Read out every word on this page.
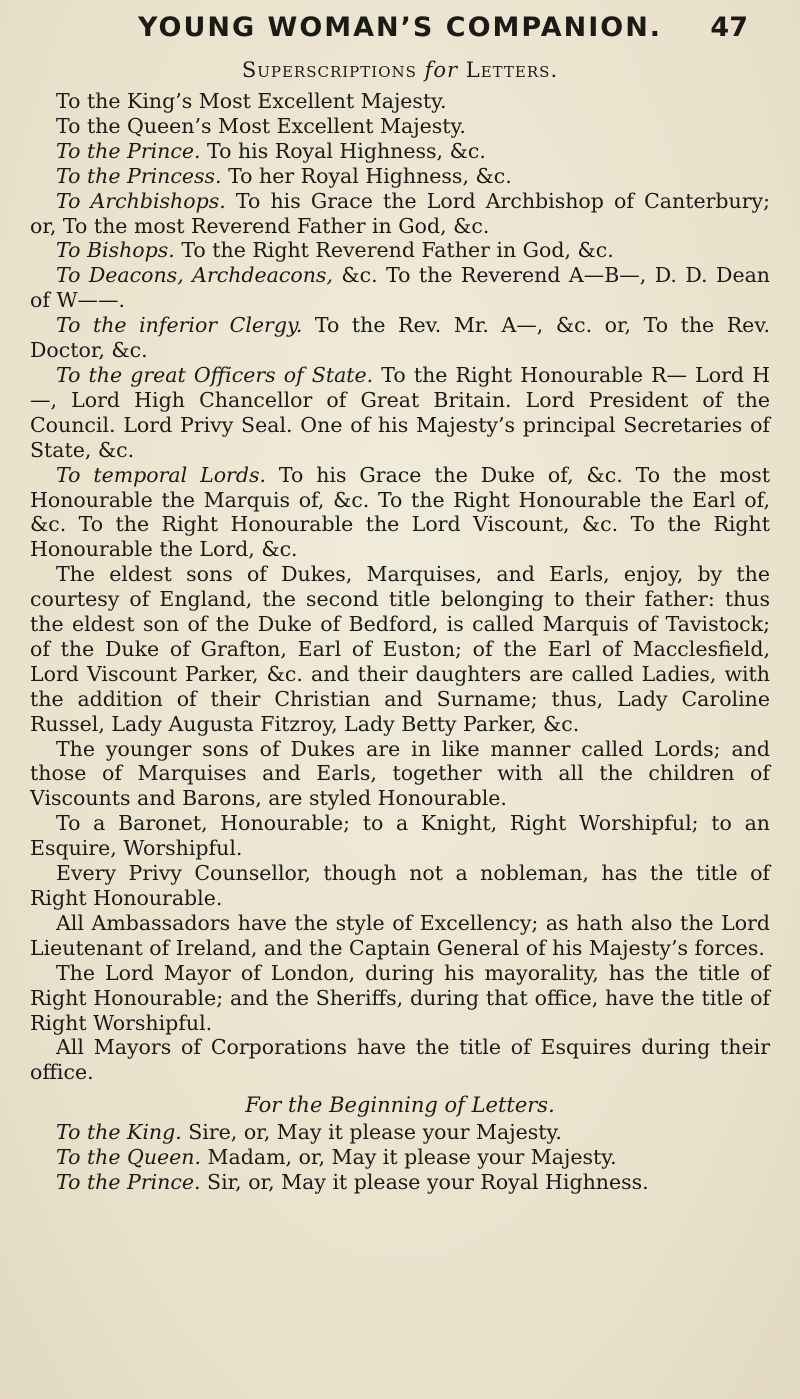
YOUNG WOMAN’S COMPANION. 47
Superscriptions for Letters.

To the King’s Most Excellent Majesty.

To the Queen’s Most Excellent Majesty.

To the Prince. To his Royal Highness, &c.

To the Princess. To her Royal Highness, &c.

To Archbishops. To his Grace the Lord Archbishop of Canterbury; or, To the most Reverend Father in God, &c.

To Bishops. To the Right Reverend Father in God, &c.

To Deacons, Archdeacons, &c. To the Reverend A—B—, D. D. Dean of W——.

To the inferior Clergy. To the Rev. Mr. A—, &c. or, To the Rev. Doctor, &c.

To the great Officers of State. To the Right Honourable R— Lord H—, Lord High Chancellor of Great Britain. Lord President of the Council. Lord Privy Seal. One of his Majesty’s principal Secretaries of State, &c.

To temporal Lords. To his Grace the Duke of, &c. To the most Honourable the Marquis of, &c. To the Right Honourable the Earl of, &c. To the Right Honourable the Lord Viscount, &c. To the Right Honourable the Lord, &c.

The eldest sons of Dukes, Marquises, and Earls, enjoy, by the courtesy of England, the second title belonging to their father: thus the eldest son of the Duke of Bedford, is called Marquis of Tavistock; of the Duke of Grafton, Earl of Euston; of the Earl of Macclesfield, Lord Viscount Parker, &c. and their daughters are called Ladies, with the addition of their Christian and Surname; thus, Lady Caroline Russel, Lady Augusta Fitzroy, Lady Betty Parker, &c.

The younger sons of Dukes are in like manner called Lords; and those of Marquises and Earls, together with all the children of Viscounts and Barons, are styled Honourable.

To a Baronet, Honourable; to a Knight, Right Worshipful; to an Esquire, Worshipful.

Every Privy Counsellor, though not a nobleman, has the title of Right Honourable.

All Ambassadors have the style of Excellency; as hath also the Lord Lieutenant of Ireland, and the Captain General of his Majesty’s forces.

The Lord Mayor of London, during his mayorality, has the title of Right Honourable; and the Sheriffs, during that office, have the title of Right Worshipful.

All Mayors of Corporations have the title of Esquires during their office.

For the Beginning of Letters.

To the King. Sire, or, May it please your Majesty.

To the Queen. Madam, or, May it please your Majesty.

To the Prince. Sir, or, May it please your Royal Highness.
